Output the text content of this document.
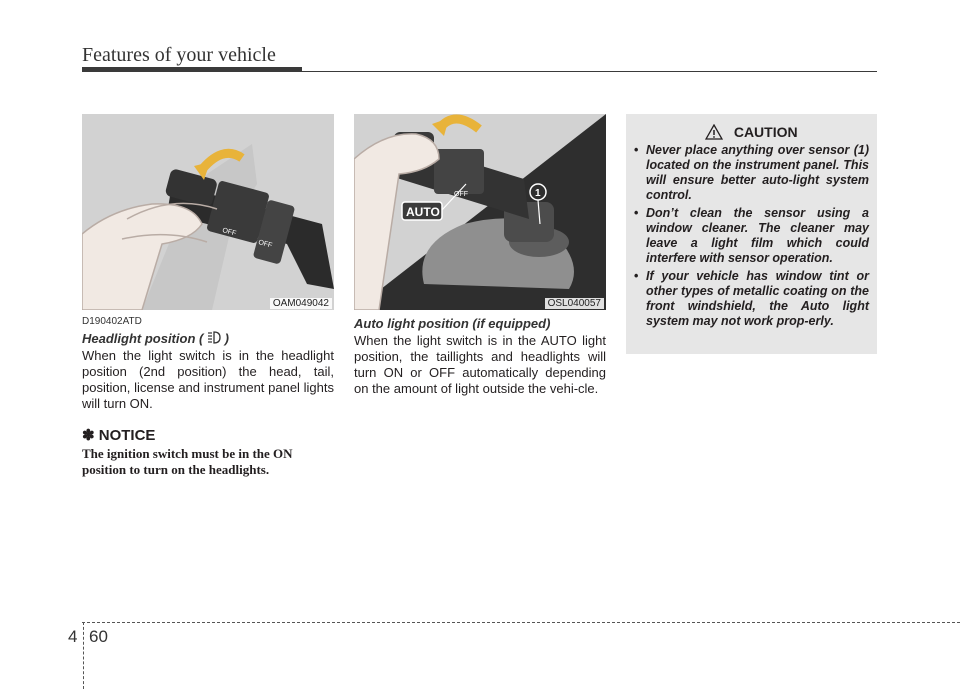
Features of your vehicle
OFF
OFF
OAM049042
AUTO
OFF	1
OSL040057
D190402ATD
Headlight position ( )
When the light switch is in the headlight position (2nd position) the head, tail, position, license and instrument panel lights will turn ON.
✽ NOTICE
The ignition switch must be in the ON position to turn on the headlights.
Auto light position (if equipped)
When the light switch is in the AUTO light position, the taillights and headlights will turn ON or OFF automatically depending on the amount of light outside the vehi-cle.
CAUTION
• Never place anything over sensor (1) located on the instrument panel. This will ensure better auto-light system control.
• Don’t clean the sensor using a window cleaner. The cleaner may leave a light film which could interfere with sensor operation.
• If your vehicle has window tint or other types of metallic coating on the front windshield, the Auto light system may not work prop-erly.
4 60
